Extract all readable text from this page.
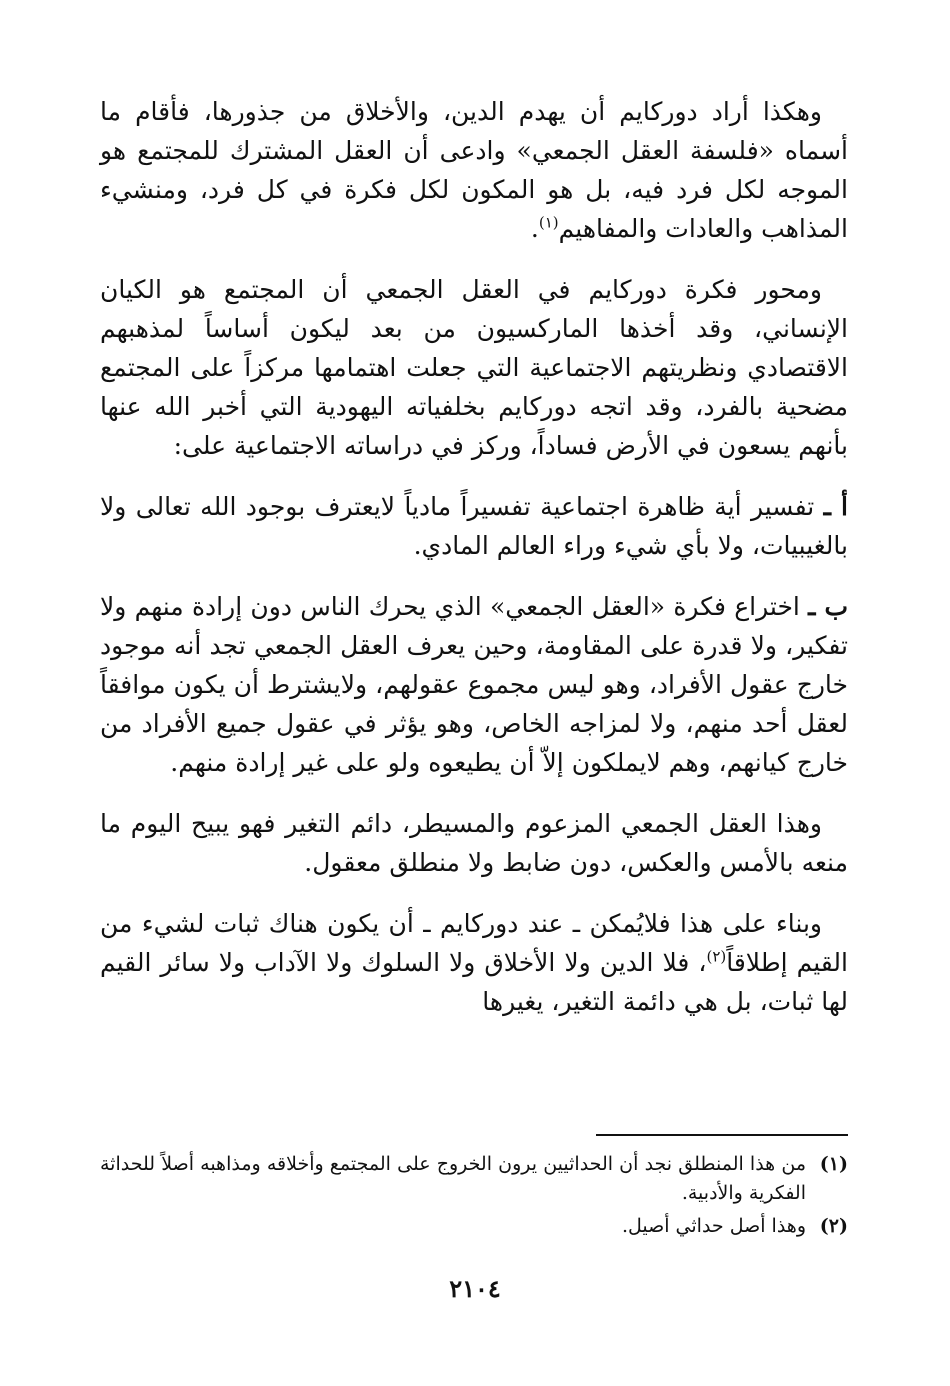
وهكذا أراد دوركايم أن يهدم الدين، والأخلاق من جذورها، فأقام ما أسماه «فلسفة العقل الجمعي» وادعى أن العقل المشترك للمجتمع هو الموجه لكل فرد فيه، بل هو المكون لكل فكرة في كل فرد، ومنشيء المذاهب والعادات والمفاهيم$^{(١)}$.

ومحور فكرة دوركايم في العقل الجمعي أن المجتمع هو الكيان الإنساني، وقد أخذها الماركسيون من بعد ليكون أساساً لمذهبهم الاقتصادي ونظريتهم الاجتماعية التي جعلت اهتمامها مركزاً على المجتمع مضحية بالفرد، وقد اتجه دوركايم بخلفياته اليهودية التي أخبر الله عنها بأنهم يسعون في الأرض فساداً، وركز في دراساته الاجتماعية على:

أ ـ تفسير أية ظاهرة اجتماعية تفسيراً مادياً لايعترف بوجود الله تعالى ولا بالغيبيات، ولا بأي شيء وراء العالم المادي.

ب ـ اختراع فكرة «العقل الجمعي» الذي يحرك الناس دون إرادة منهم ولا تفكير، ولا قدرة على المقاومة، وحين يعرف العقل الجمعي تجد أنه موجود خارج عقول الأفراد، وهو ليس مجموع عقولهم، ولايشترط أن يكون موافقاً لعقل أحد منهم، ولا لمزاجه الخاص، وهو يؤثر في عقول جميع الأفراد من خارج كيانهم، وهم لايملكون إلاّ أن يطيعوه ولو على غير إرادة منهم.

وهذا العقل الجمعي المزعوم والمسيطر، دائم التغير فهو يبيح اليوم ما منعه بالأمس والعكس، دون ضابط ولا منطلق معقول.

وبناء على هذا فلايُمكن ـ عند دوركايم ـ أن يكون هناك ثبات لشيء من القيم إطلاقاً$^{(٢)}$، فلا الدين ولا الأخلاق ولا السلوك ولا الآداب ولا سائر القيم لها ثبات، بل هي دائمة التغير، يغيرها

(١)
من هذا المنطلق نجد أن الحداثيين يرون الخروج على المجتمع وأخلاقه ومذاهبه أصلاً للحداثة الفكرية والأدبية.
(٢)
وهذا أصل حداثي أصيل.
٢١٠٤
